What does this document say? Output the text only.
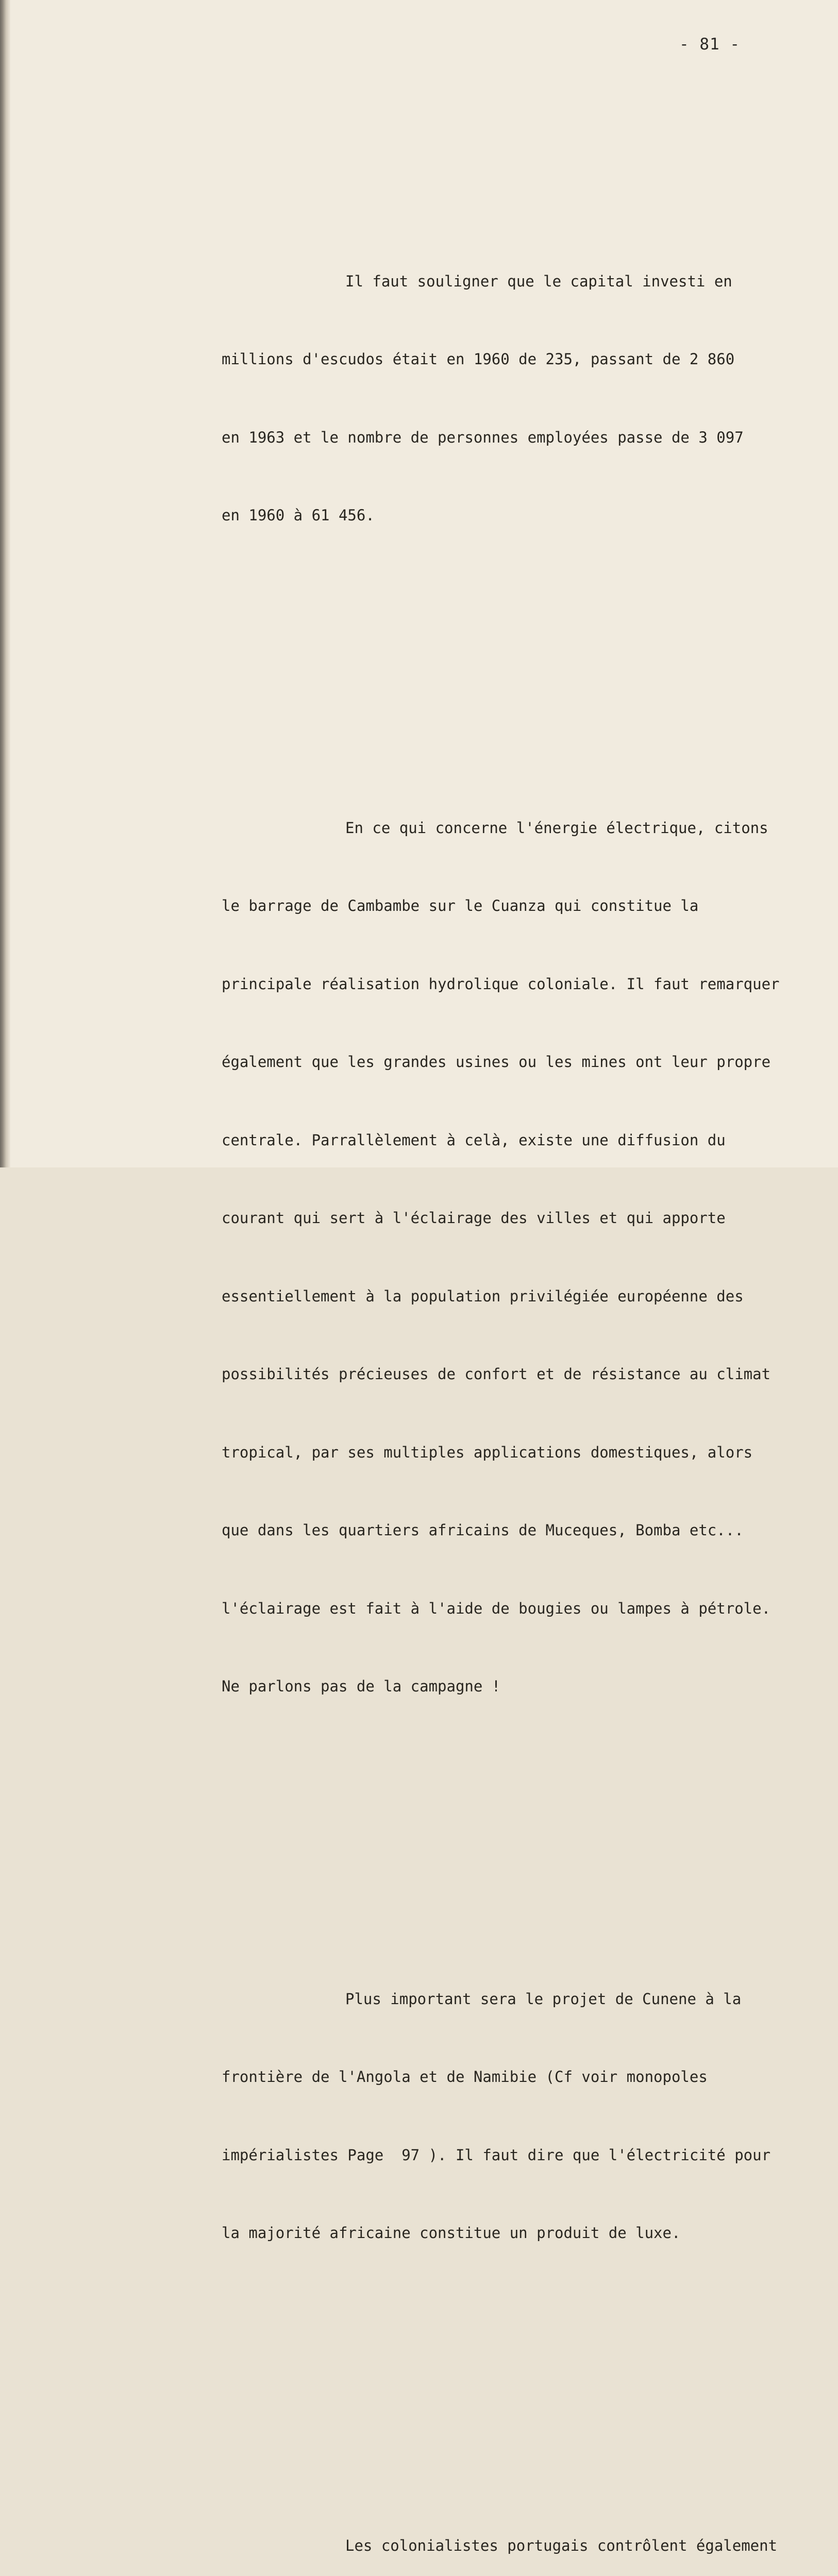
- 81 -

Il faut souligner que le capital investi en

millions d'escudos était en 1960 de 235, passant de 2 860

en 1963 et le nombre de personnes employées passe de 3 097

en 1960 à 61 456.

En ce qui concerne l'énergie électrique, citons

le barrage de Cambambe sur le Cuanza qui constitue la

principale réalisation hydrolique coloniale. Il faut remarquer

également que les grandes usines ou les mines ont leur propre

centrale. Parrallèlement à celà, existe une diffusion du

courant qui sert à l'éclairage des villes et qui apporte

essentiellement à la population privilégiée européenne des

possibilités précieuses de confort et de résistance au climat

tropical, par ses multiples applications domestiques, alors

que dans les quartiers africains de Muceques, Bomba etc...

l'éclairage est fait à l'aide de bougies ou lampes à pétrole.

Ne parlons pas de la campagne !

Plus important sera le projet de Cunene à la

frontière de l'Angola et de Namibie (Cf voir monopoles

impérialistes Page  97 ). Il faut dire que l'électricité pour

la majorité africaine constitue un produit de luxe.

Les colonialistes portugais contrôlent également
